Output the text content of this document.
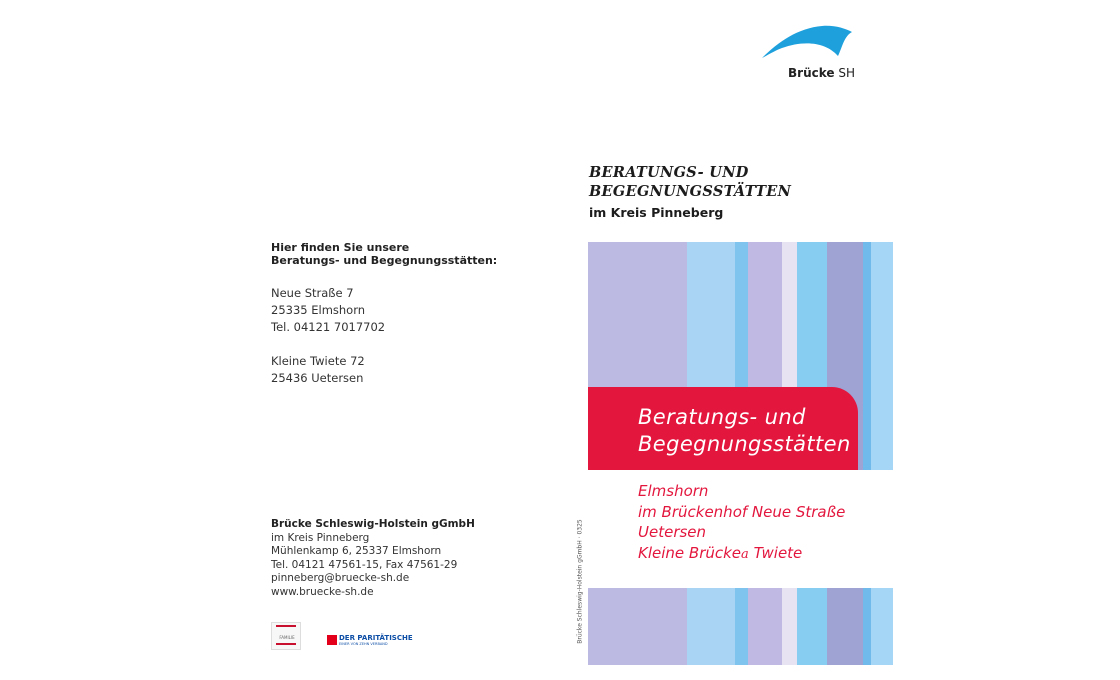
Brücke SH
BERATUNGS- UND
BEGEGNUNGSSTÄTTEN
im Kreis Pinneberg
Hier finden Sie unsere
Beratungs- und Begegnungsstätten:
Neue Straße 7
25335 Elmshorn
Tel. 04121 7017702
Kleine Twiete 72
25436 Uetersen
Brücke Schleswig-Holstein gGmbH
im Kreis Pinneberg
Mühlenkamp 6, 25337 Elmshorn
Tel. 04121 47561-15, Fax 47561-29
pinneberg@bruecke-sh.de
www.bruecke-sh.de
FAMILIE	DER PARITÄTISCHE
EINER VON ZEHN VERBAND	Brücke Schleswig-Holstein gGmbH · 0325
Beratungs- und
Begegnungsstätten
Elmshorn
im Brückenhof Neue Straße
Uetersen
Kleine Brückea Twiete
